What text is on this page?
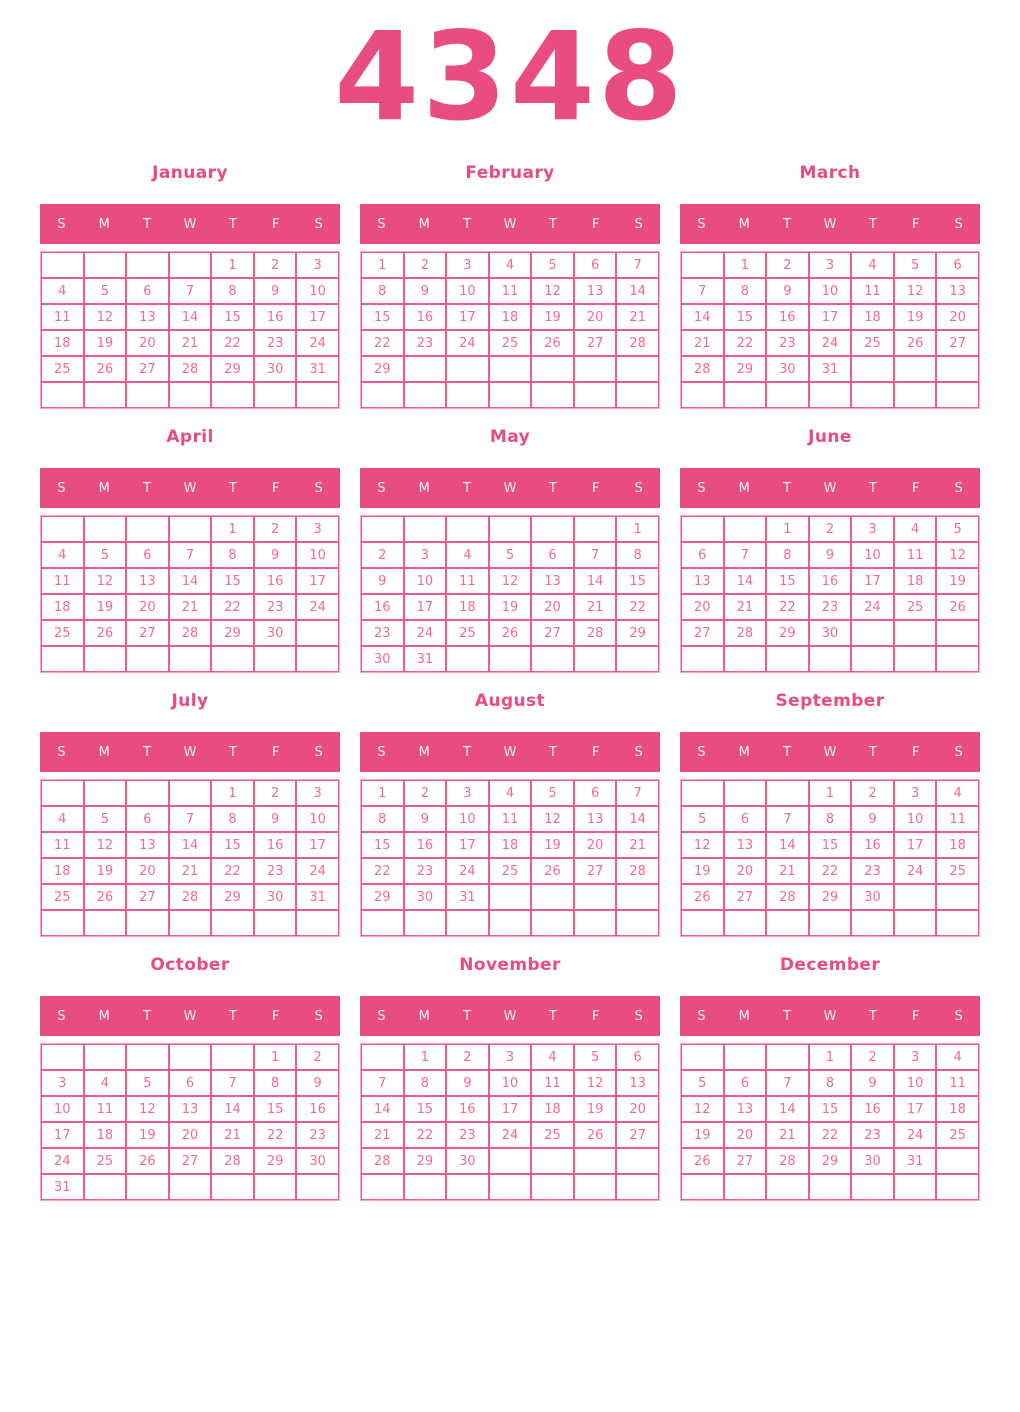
4348
January
S	M	T	W	T	F	S
				1	2	3
4	5	6	7	8	9	10
11	12	13	14	15	16	17
18	19	20	21	22	23	24
25	26	27	28	29	30	31

February
S	M	T	W	T	F	S
1	2	3	4	5	6	7
8	9	10	11	12	13	14
15	16	17	18	19	20	21
22	23	24	25	26	27	28
29						

March
S	M	T	W	T	F	S
	1	2	3	4	5	6
7	8	9	10	11	12	13
14	15	16	17	18	19	20
21	22	23	24	25	26	27
28	29	30	31			

April
S	M	T	W	T	F	S
				1	2	3
4	5	6	7	8	9	10
11	12	13	14	15	16	17
18	19	20	21	22	23	24
25	26	27	28	29	30	

May
S	M	T	W	T	F	S
						1
2	3	4	5	6	7	8
9	10	11	12	13	14	15
16	17	18	19	20	21	22
23	24	25	26	27	28	29
30	31					
June
S	M	T	W	T	F	S
		1	2	3	4	5
6	7	8	9	10	11	12
13	14	15	16	17	18	19
20	21	22	23	24	25	26
27	28	29	30			

July
S	M	T	W	T	F	S
				1	2	3
4	5	6	7	8	9	10
11	12	13	14	15	16	17
18	19	20	21	22	23	24
25	26	27	28	29	30	31

August
S	M	T	W	T	F	S
1	2	3	4	5	6	7
8	9	10	11	12	13	14
15	16	17	18	19	20	21
22	23	24	25	26	27	28
29	30	31				

September
S	M	T	W	T	F	S
			1	2	3	4
5	6	7	8	9	10	11
12	13	14	15	16	17	18
19	20	21	22	23	24	25
26	27	28	29	30		

October
S	M	T	W	T	F	S
					1	2
3	4	5	6	7	8	9
10	11	12	13	14	15	16
17	18	19	20	21	22	23
24	25	26	27	28	29	30
31						
November
S	M	T	W	T	F	S
	1	2	3	4	5	6
7	8	9	10	11	12	13
14	15	16	17	18	19	20
21	22	23	24	25	26	27
28	29	30				

December
S	M	T	W	T	F	S
			1	2	3	4
5	6	7	8	9	10	11
12	13	14	15	16	17	18
19	20	21	22	23	24	25
26	27	28	29	30	31	
